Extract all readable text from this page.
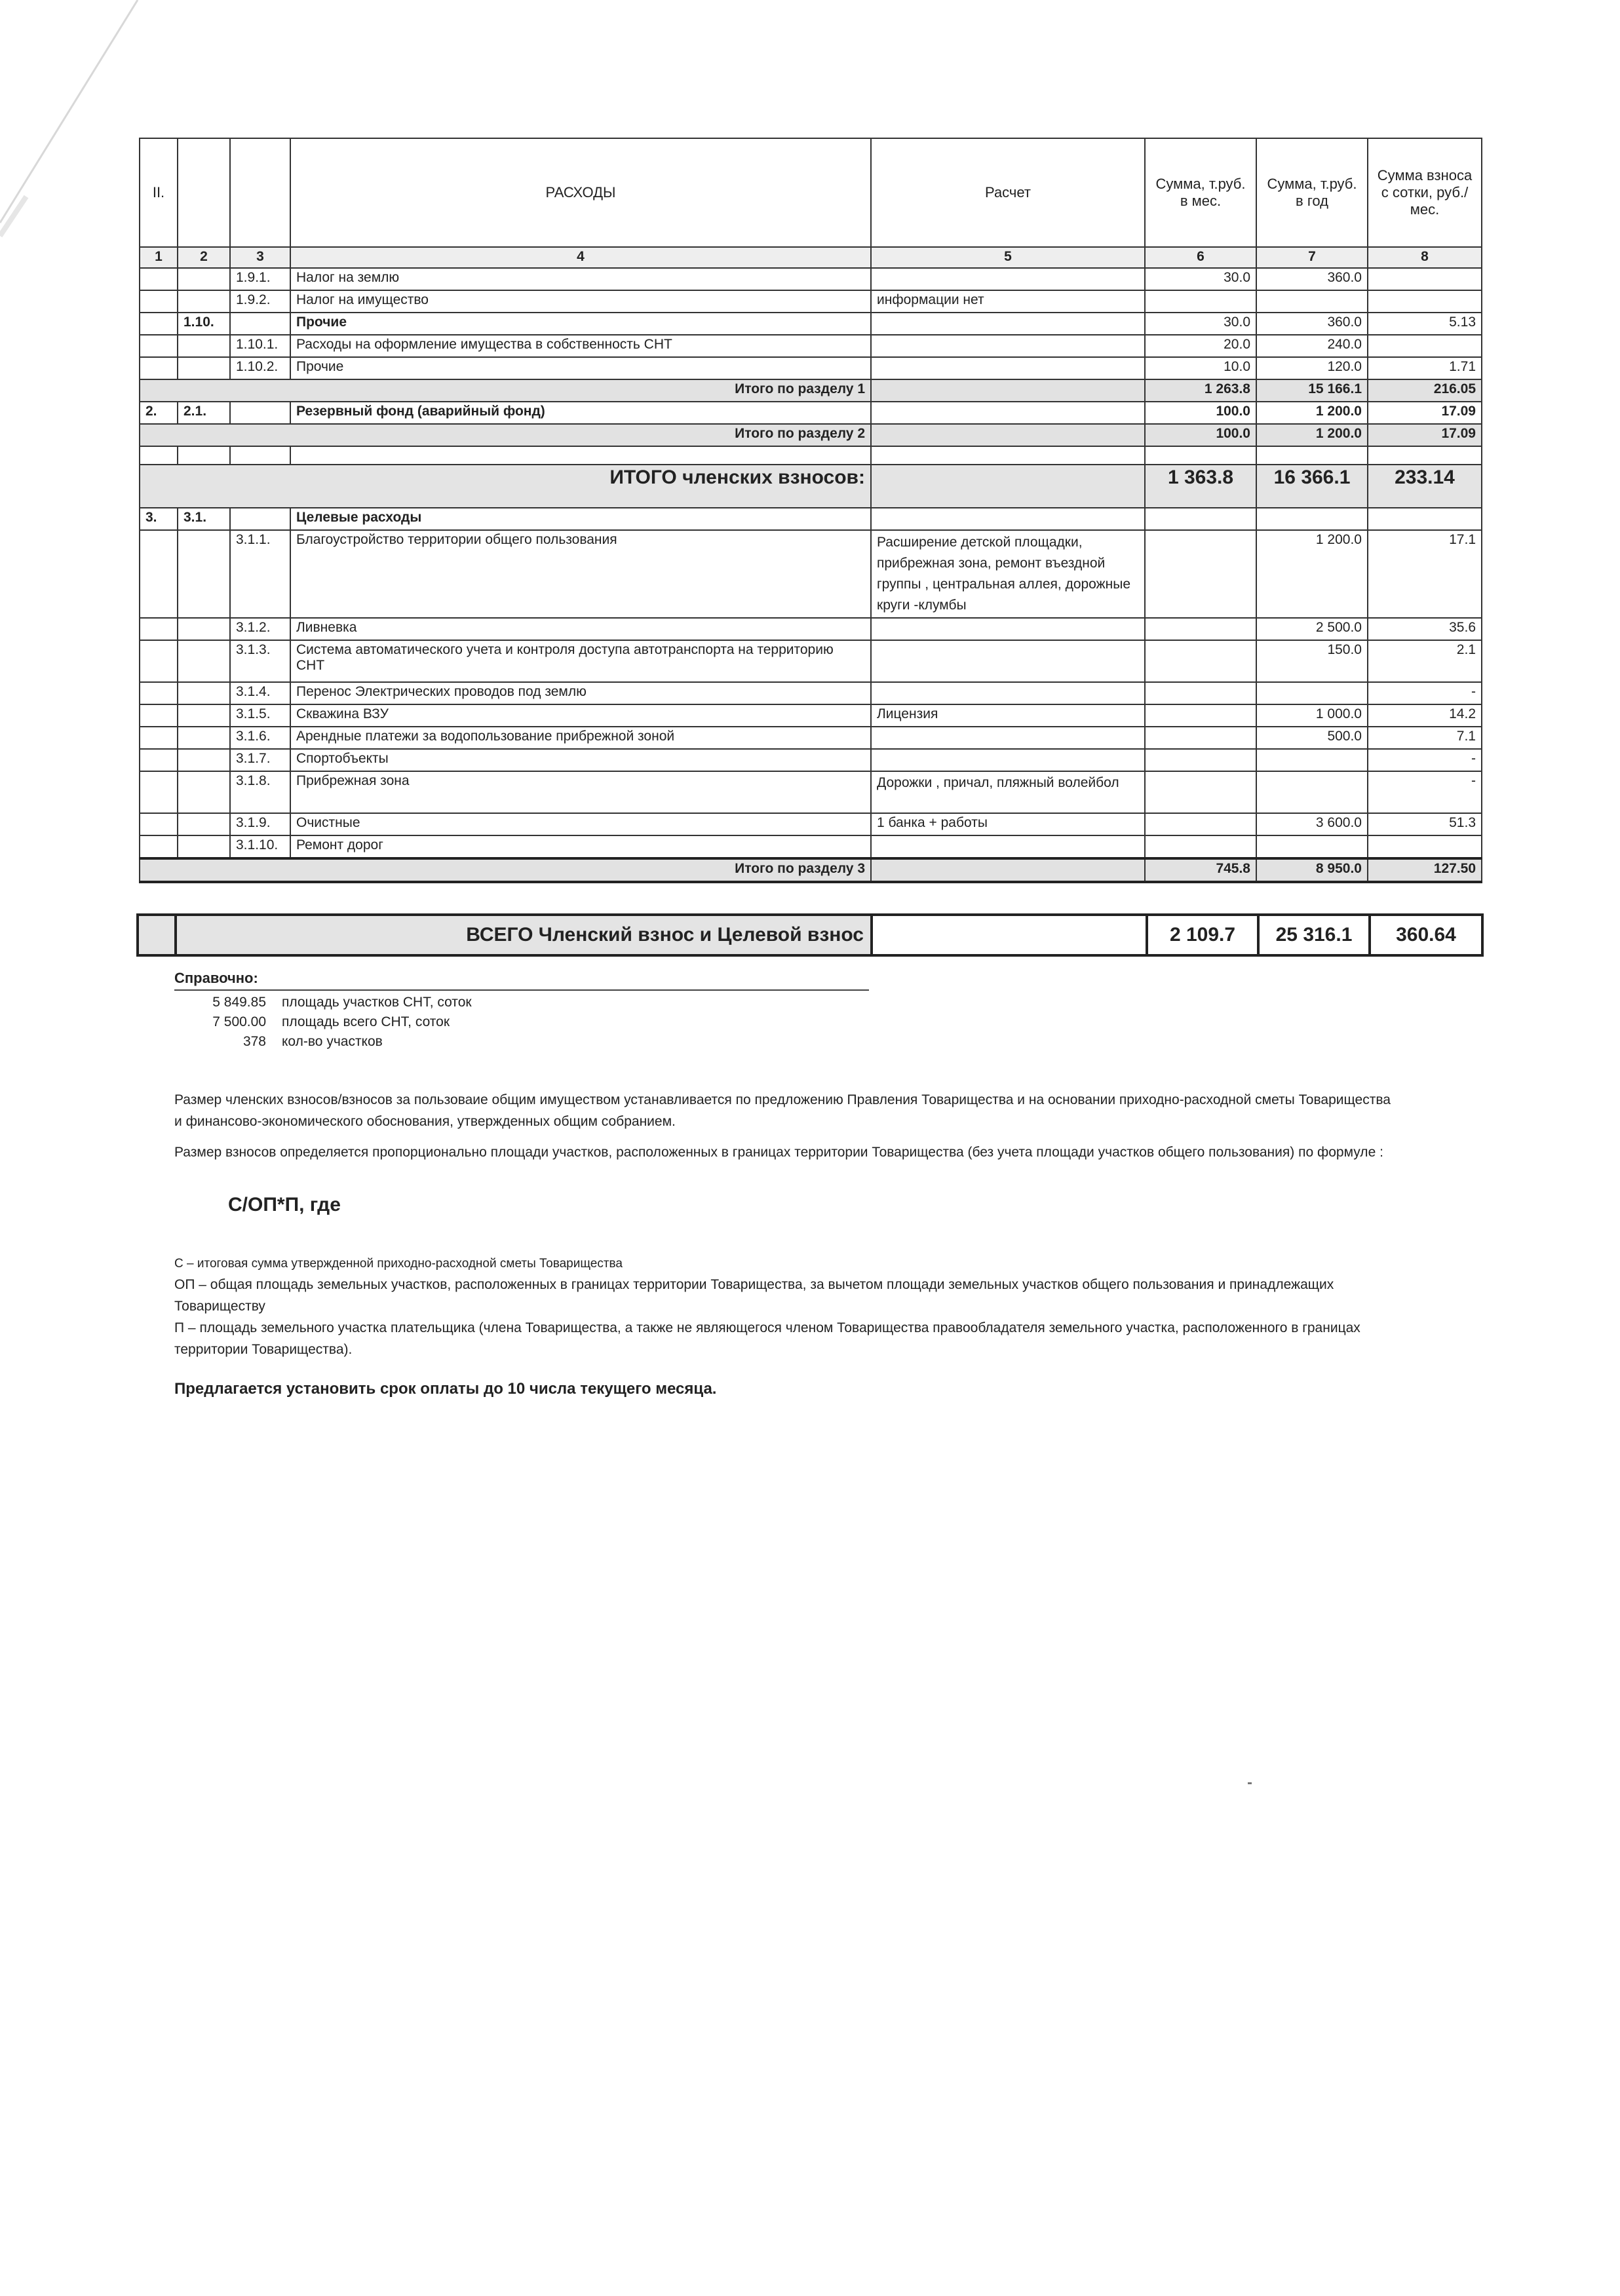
II.			РАСХОДЫ	Расчет	Сумма, т.руб. в мес.	Сумма, т.руб. в год	Сумма взноса с сотки, руб./мес.
1	2	3	4	5	6	7	8
		1.9.1.	Налог на землю		30.0	360.0	
		1.9.2.	Налог на имущество	информации нет			
	1.10.		Прочие		30.0	360.0	5.13
		1.10.1.	Расходы на оформление имущества в собственность СНТ		20.0	240.0	
		1.10.2.	Прочие		10.0	120.0	1.71
Итого по разделу 1					1 263.8	15 166.1	216.05
2.	2.1.		Резервный фонд (аварийный фонд)		100.0	1 200.0	17.09
Итого по разделу 2					100.0	1 200.0	17.09

ИТОГО членских взносов:					1 363.8	16 366.1	233.14
3.	3.1.		Целевые расходы				
		3.1.1.	Благоустройство территории общего пользования	Расширение детской площадки, прибрежная зона, ремонт въездной группы , центральная аллея, дорожные круги -клумбы		1 200.0	17.1
		3.1.2.	Ливневка			2 500.0	35.6
		3.1.3.	Система автоматического учета и контроля доступа автотранспорта на территорию СНТ			150.0	2.1
		3.1.4.	Перенос Электрических проводов под землю				-
		3.1.5.	Скважина ВЗУ	Лицензия		1 000.0	14.2
		3.1.6.	Арендные платежи за водопользование прибрежной зоной			500.0	7.1
		3.1.7.	Спортобъекты				-
		3.1.8.	Прибрежная зона	Дорожки , причал, пляжный волейбол			-
		3.1.9.	Очистные	1 банка + работы		3 600.0	51.3
		3.1.10.	Ремонт дорог				
Итого по разделу 3					745.8	8 950.0	127.50
	ВСЕГО Членский взнос и Целевой взнос		2 109.7	25 316.1	360.64
Справочно:
5 849.85	площадь участков СНТ, соток
7 500.00	площадь всего СНТ, соток
378	кол-во участков
Размер членских взносов/взносов за пользоваие общим имуществом устанавливается по предложению Правления Товарищества и на основании приходно-расходной сметы Товарищества и финансово-экономического обоснования, утвержденных общим собранием.
Размер взносов определяется пропорционально площади участков, расположенных в границах территории Товарищества (без учета площади участков общего пользования) по формуле :
С/ОП*П, где
С – итоговая сумма утвержденной приходно-расходной сметы Товарищества
ОП – общая площадь земельных участков, расположенных в границах территории Товарищества, за вычетом площади земельных участков общего пользования и принадлежащих Товариществу
П – площадь земельного участка плательщика (члена Товарищества, а также не являющегося членом Товарищества правообладателя земельного участка, расположенного в границах территории Товарищества).
Предлагается установить срок оплаты до 10 числа текущего месяца.
